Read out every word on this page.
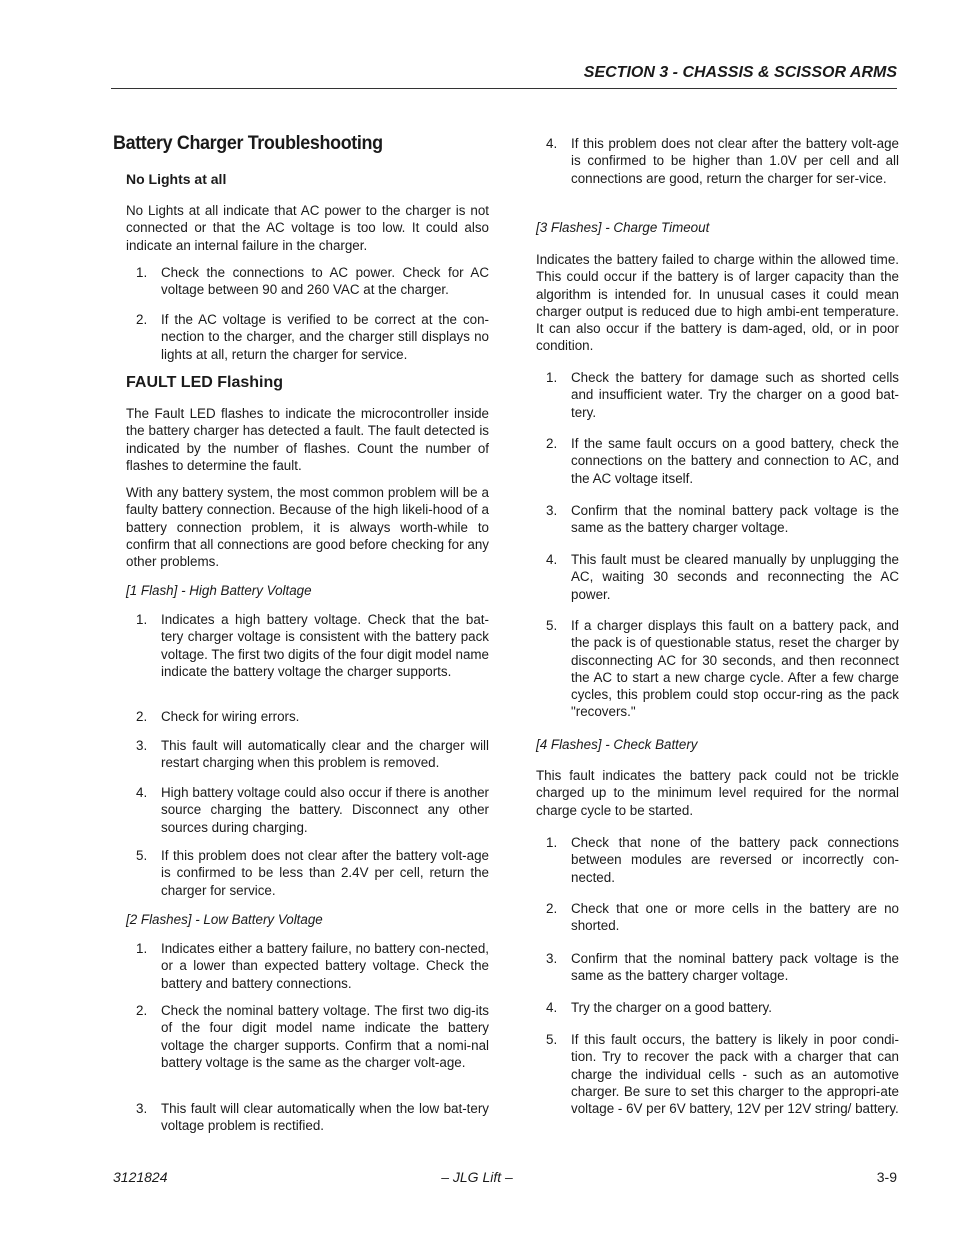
SECTION 3 - CHASSIS & SCISSOR ARMS
Battery Charger Troubleshooting
No Lights at all
No Lights at all indicate that AC power to the charger is not connected or that the AC voltage is too low. It could also indicate an internal failure in the charger.
1. Check the connections to AC power. Check for AC voltage between 90 and 260 VAC at the charger.
2. If the AC voltage is verified to be correct at the con-nection to the charger, and the charger still displays no lights at all, return the charger for service.
FAULT LED Flashing
The Fault LED flashes to indicate the microcontroller inside the battery charger has detected a fault. The fault detected is indicated by the number of flashes. Count the number of flashes to determine the fault.
With any battery system, the most common problem will be a faulty battery connection. Because of the high likeli-hood of a battery connection problem, it is always worth-while to confirm that all connections are good before checking for any other problems.
[1 Flash] - High Battery Voltage
1. Indicates a high battery voltage. Check that the bat-tery charger voltage is consistent with the battery pack voltage. The first two digits of the four digit model name indicate the battery voltage the charger supports.
2. Check for wiring errors.
3. This fault will automatically clear and the charger will restart charging when this problem is removed.
4. High battery voltage could also occur if there is another source charging the battery. Disconnect any other sources during charging.
5. If this problem does not clear after the battery volt-age is confirmed to be less than 2.4V per cell, return the charger for service.
[2 Flashes] - Low Battery Voltage
1. Indicates either a battery failure, no battery con-nected, or a lower than expected battery voltage. Check the battery and battery connections.
2. Check the nominal battery voltage. The first two dig-its of the four digit model name indicate the battery voltage the charger supports. Confirm that a nomi-nal battery voltage is the same as the charger volt-age.
3. This fault will clear automatically when the low bat-tery voltage problem is rectified.
4. If this problem does not clear after the battery volt-age is confirmed to be higher than 1.0V per cell and all connections are good, return the charger for ser-vice.
[3 Flashes] - Charge Timeout
Indicates the battery failed to charge within the allowed time. This could occur if the battery is of larger capacity than the algorithm is intended for. In unusual cases it could mean charger output is reduced due to high ambi-ent temperature. It can also occur if the battery is dam-aged, old, or in poor condition.
1. Check the battery for damage such as shorted cells and insufficient water. Try the charger on a good bat-tery.
2. If the same fault occurs on a good battery, check the connections on the battery and connection to AC, and the AC voltage itself.
3. Confirm that the nominal battery pack voltage is the same as the battery charger voltage.
4. This fault must be cleared manually by unplugging the AC, waiting 30 seconds and reconnecting the AC power.
5. If a charger displays this fault on a battery pack, and the pack is of questionable status, reset the charger by disconnecting AC for 30 seconds, and then reconnect the AC to start a new charge cycle. After a few charge cycles, this problem could stop occur-ring as the pack "recovers."
[4 Flashes] - Check Battery
This fault indicates the battery pack could not be trickle charged up to the minimum level required for the normal charge cycle to be started.
1. Check that none of the battery pack connections between modules are reversed or incorrectly con-nected.
2. Check that one or more cells in the battery are no shorted.
3. Confirm that the nominal battery pack voltage is the same as the battery charger voltage.
4. Try the charger on a good battery.
5. If this fault occurs, the battery is likely in poor condi-tion. Try to recover the pack with a charger that can charge the individual cells - such as an automotive charger. Be sure to set this charger to the appropri-ate voltage - 6V per 6V battery, 12V per 12V string/ battery.
3121824	– JLG Lift –	3-9
